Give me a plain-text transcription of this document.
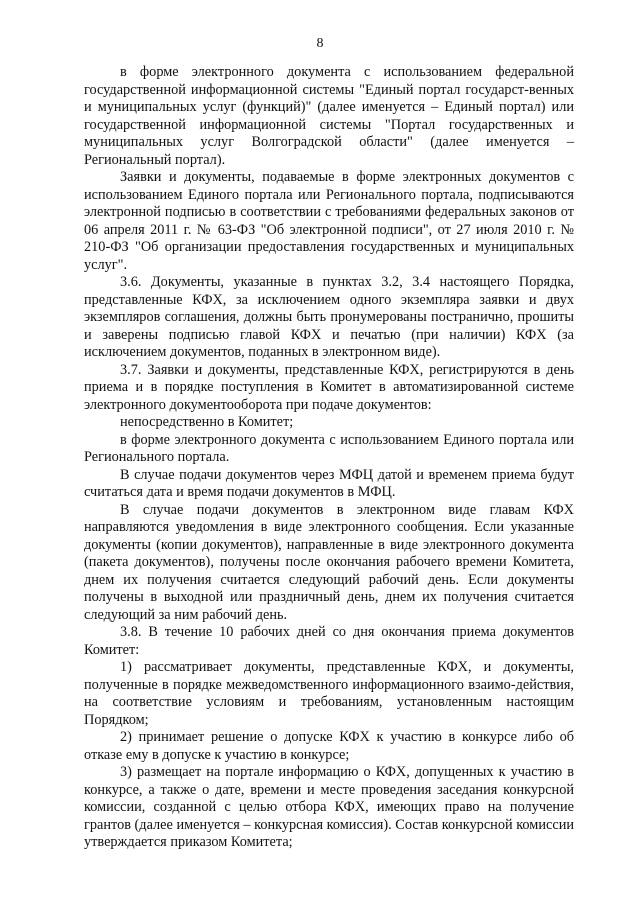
8

в форме электронного документа с использованием федеральной государственной информационной системы "Единый портал государст-венных и муниципальных услуг (функций)" (далее именуется – Единый портал) или государственной информационной системы "Портал государственных и муниципальных услуг Волгоградской области" (далее именуется – Региональный портал).

Заявки и документы, подаваемые в форме электронных документов с использованием Единого портала или Регионального портала, подписываются электронной подписью в соответствии с требованиями федеральных законов от 06 апреля 2011 г. № 63-ФЗ "Об электронной подписи", от 27 июля 2010 г. № 210-ФЗ "Об организации предоставления государственных и муниципальных услуг".

3.6. Документы, указанные в пунктах 3.2, 3.4 настоящего Порядка, представленные КФХ, за исключением одного экземпляра заявки и двух экземпляров соглашения, должны быть пронумерованы постранично, прошиты и заверены подписью главой КФХ и печатью (при наличии) КФХ (за исключением документов, поданных в электронном виде).

3.7. Заявки и документы, представленные КФХ, регистрируются в день приема и в порядке поступления в Комитет в автоматизированной системе электронного документооборота при подаче документов:

непосредственно в Комитет;

в форме электронного документа с использованием Единого портала или Регионального портала.

В случае подачи документов через МФЦ датой и временем приема будут считаться дата и время подачи документов в МФЦ.

В случае подачи документов в электронном виде главам КФХ направляются уведомления в виде электронного сообщения. Если указанные документы (копии документов), направленные в виде электронного документа (пакета документов), получены после окончания рабочего времени Комитета, днем их получения считается следующий рабочий день. Если документы получены в выходной или праздничный день, днем их получения считается следующий за ним рабочий день.

3.8. В течение 10 рабочих дней со дня окончания приема документов Комитет:

1) рассматривает документы, представленные КФХ, и документы, полученные в порядке межведомственного информационного взаимо-действия, на соответствие условиям и требованиям, установленным настоящим Порядком;

2) принимает решение о допуске КФХ к участию в конкурсе либо об отказе ему в допуске к участию в конкурсе;

3) размещает на портале информацию о КФХ, допущенных к участию в конкурсе, а также о дате, времени и месте проведения заседания конкурсной комиссии, созданной с целью отбора КФХ, имеющих право на получение грантов (далее именуется – конкурсная комиссия). Состав конкурсной комиссии утверждается приказом Комитета;
